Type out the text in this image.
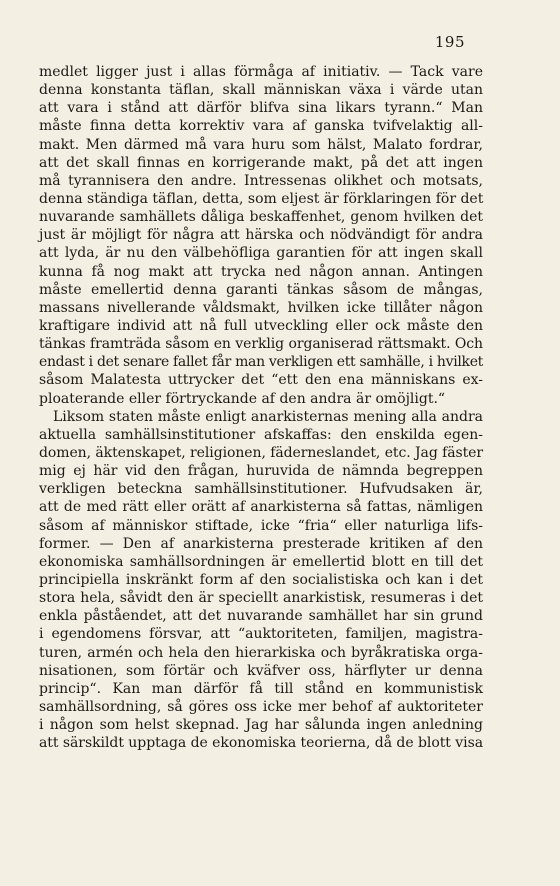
195
medlet ligger just i allas förmåga af initiativ. — Tack vare
denna konstanta täflan, skall människan växa i värde utan
att vara i stånd att därför blifva sina likars tyrann.“ Man
måste finna detta korrektiv vara af ganska tvifvelaktig all-
makt. Men därmed må vara huru som hälst, Malato fordrar,
att det skall finnas en korrigerande makt, på det att ingen
må tyrannisera den andre. Intressenas olikhet och motsats,
denna ständiga täflan, detta, som eljest är förklaringen för det
nuvarande samhällets dåliga beskaffenhet, genom hvilken det
just är möjligt för några att härska och nödvändigt för andra
att lyda, är nu den välbehöfliga garantien för att ingen skall
kunna få nog makt att trycka ned någon annan. Antingen
måste emellertid denna garanti tänkas såsom de mångas,
massans nivellerande våldsmakt, hvilken icke tillåter någon
kraftigare individ att nå full utveckling eller ock måste den
tänkas framträda såsom en verklig organiserad rättsmakt. Och
endast i det senare fallet får man verkligen ett samhälle, i hvilket
såsom Malatesta uttrycker det “ett den ena människans ex-
ploaterande eller förtryckande af den andra är omöjligt.“
Liksom staten måste enligt anarkisternas mening alla andra
aktuella samhällsinstitutioner afskaffas: den enskilda egen-
domen, äktenskapet, religionen, fäderneslandet, etc. Jag fäster
mig ej här vid den frågan, huruvida de nämnda begreppen
verkligen beteckna samhällsinstitutioner. Hufvudsaken är,
att de med rätt eller orätt af anarkisterna så fattas, nämligen
såsom af människor stiftade, icke “fria“ eller naturliga lifs-
former. — Den af anarkisterna presterade kritiken af den
ekonomiska samhällsordningen är emellertid blott en till det
principiella inskränkt form af den socialistiska och kan i det
stora hela, såvidt den är speciellt anarkistisk, resumeras i det
enkla påståendet, att det nuvarande samhället har sin grund
i egendomens försvar, att “auktoriteten, familjen, magistra-
turen, armén och hela den hierarkiska och byråkratiska orga-
nisationen, som förtär och kväfver oss, härflyter ur denna
princip“. Kan man därför få till stånd en kommunistisk
samhällsordning, så göres oss icke mer behof af auktoriteter
i någon som helst skepnad. Jag har sålunda ingen anledning
att särskildt upptaga de ekonomiska teorierna, då de blott visa
